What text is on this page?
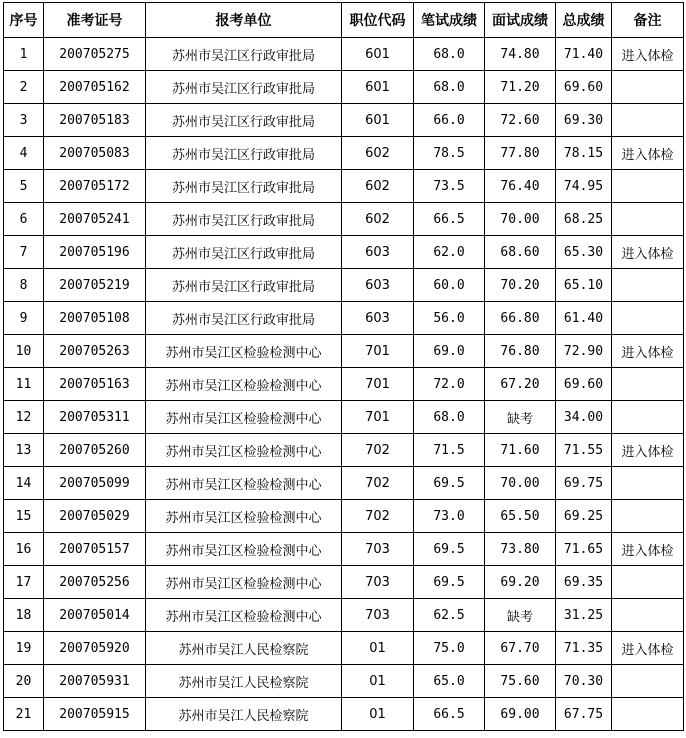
序号	准考证号	报考单位	职位代码	笔试成绩	面试成绩	总成绩	备注
1	200705275	苏州市吴江区行政审批局	601	68.0	74.80	71.40	进入体检
2	200705162	苏州市吴江区行政审批局	601	68.0	71.20	69.60	
3	200705183	苏州市吴江区行政审批局	601	66.0	72.60	69.30	
4	200705083	苏州市吴江区行政审批局	602	78.5	77.80	78.15	进入体检
5	200705172	苏州市吴江区行政审批局	602	73.5	76.40	74.95	
6	200705241	苏州市吴江区行政审批局	602	66.5	70.00	68.25	
7	200705196	苏州市吴江区行政审批局	603	62.0	68.60	65.30	进入体检
8	200705219	苏州市吴江区行政审批局	603	60.0	70.20	65.10	
9	200705108	苏州市吴江区行政审批局	603	56.0	66.80	61.40	
10	200705263	苏州市吴江区检验检测中心	701	69.0	76.80	72.90	进入体检
11	200705163	苏州市吴江区检验检测中心	701	72.0	67.20	69.60	
12	200705311	苏州市吴江区检验检测中心	701	68.0	缺考	34.00	
13	200705260	苏州市吴江区检验检测中心	702	71.5	71.60	71.55	进入体检
14	200705099	苏州市吴江区检验检测中心	702	69.5	70.00	69.75	
15	200705029	苏州市吴江区检验检测中心	702	73.0	65.50	69.25	
16	200705157	苏州市吴江区检验检测中心	703	69.5	73.80	71.65	进入体检
17	200705256	苏州市吴江区检验检测中心	703	69.5	69.20	69.35	
18	200705014	苏州市吴江区检验检测中心	703	62.5	缺考	31.25	
19	200705920	苏州市吴江人民检察院	01	75.0	67.70	71.35	进入体检
20	200705931	苏州市吴江人民检察院	01	65.0	75.60	70.30	
21	200705915	苏州市吴江人民检察院	01	66.5	69.00	67.75	
